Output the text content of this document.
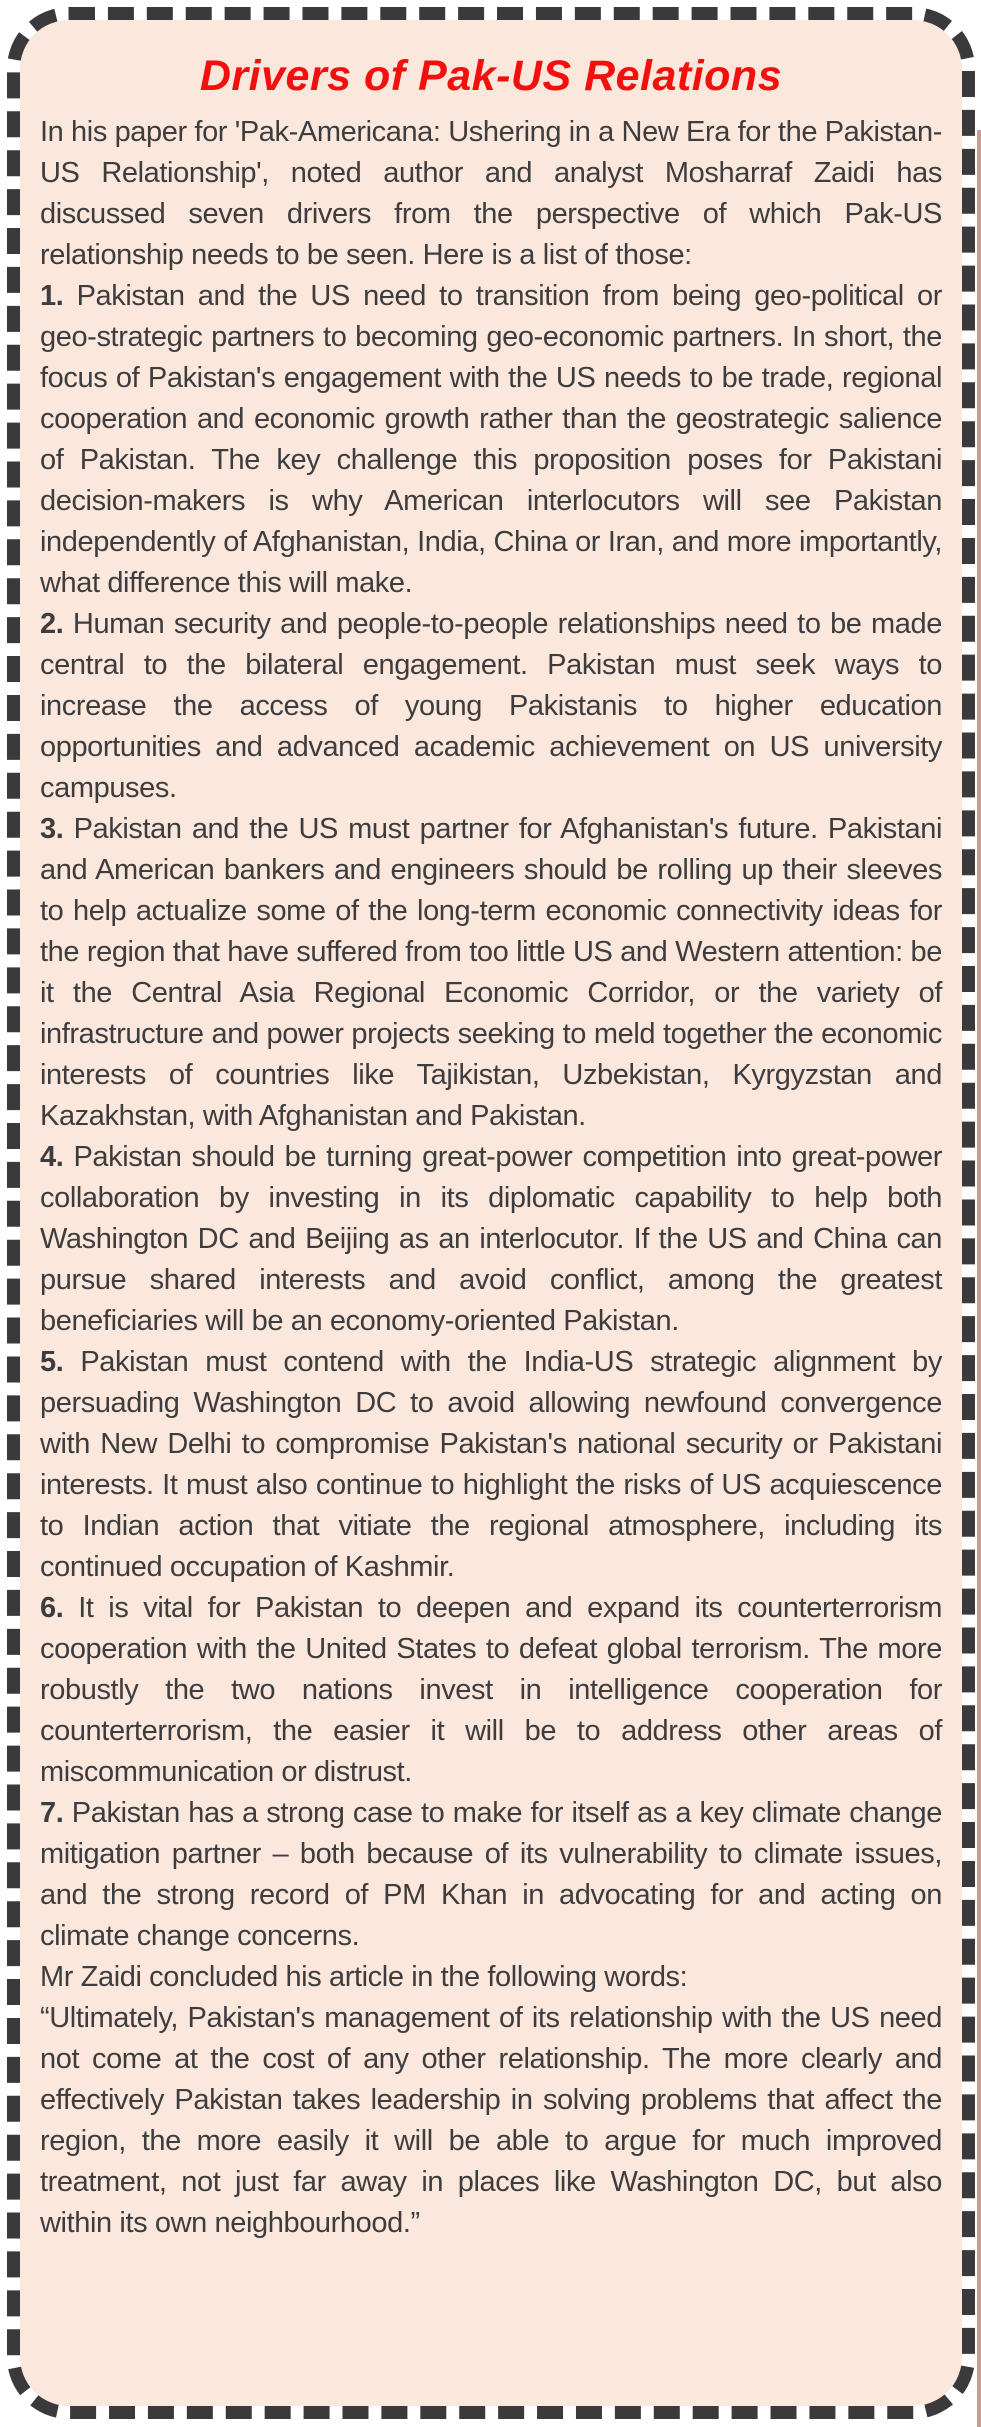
Drivers of Pak-US Relations

In his paper for 'Pak-Americana: Ushering in a New Era for the Pakistan-US Relationship', noted author and analyst Mosharraf Zaidi has discussed seven drivers from the perspective of which Pak-US relationship needs to be seen. Here is a list of those:

1. Pakistan and the US need to transition from being geo-political or geo-strategic partners to becoming geo-economic partners. In short, the focus of Pakistan's engagement with the US needs to be trade, regional cooperation and economic growth rather than the geostrategic salience of Pakistan. The key challenge this proposition poses for Pakistani decision-makers is why American interlocutors will see Pakistan independently of Afghanistan, India, China or Iran, and more importantly, what difference this will make.

2. Human security and people-to-people relationships need to be made central to the bilateral engagement. Pakistan must seek ways to increase the access of young Pakistanis to higher education opportunities and advanced academic achievement on US university campuses.

3. Pakistan and the US must partner for Afghanistan's future. Pakistani and American bankers and engineers should be rolling up their sleeves to help actualize some of the long-term economic connectivity ideas for the region that have suffered from too little US and Western attention: be it the Central Asia Regional Economic Corridor, or the variety of infrastructure and power projects seeking to meld together the economic interests of countries like Tajikistan, Uzbekistan, Kyrgyzstan and Kazakhstan, with Afghanistan and Pakistan.

4. Pakistan should be turning great-power competition into great-power collaboration by investing in its diplomatic capability to help both Washington DC and Beijing as an interlocutor. If the US and China can pursue shared interests and avoid conflict, among the greatest beneficiaries will be an economy-oriented Pakistan.

5. Pakistan must contend with the India-US strategic alignment by persuading Washington DC to avoid allowing newfound convergence with New Delhi to compromise Pakistan's national security or Pakistani interests. It must also continue to highlight the risks of US acquiescence to Indian action that vitiate the regional atmosphere, including its continued occupation of Kashmir.

6. It is vital for Pakistan to deepen and expand its counterterrorism cooperation with the United States to defeat global terrorism. The more robustly the two nations invest in intelligence cooperation for counterterrorism, the easier it will be to address other areas of miscommunication or distrust.

7. Pakistan has a strong case to make for itself as a key climate change mitigation partner – both because of its vulnerability to climate issues, and the strong record of PM Khan in advocating for and acting on climate change concerns.

Mr Zaidi concluded his article in the following words:

“Ultimately, Pakistan's management of its relationship with the US need not come at the cost of any other relationship. The more clearly and effectively Pakistan takes leadership in solving problems that affect the region, the more easily it will be able to argue for much improved treatment, not just far away in places like Washington DC, but also within its own neighbourhood.”
